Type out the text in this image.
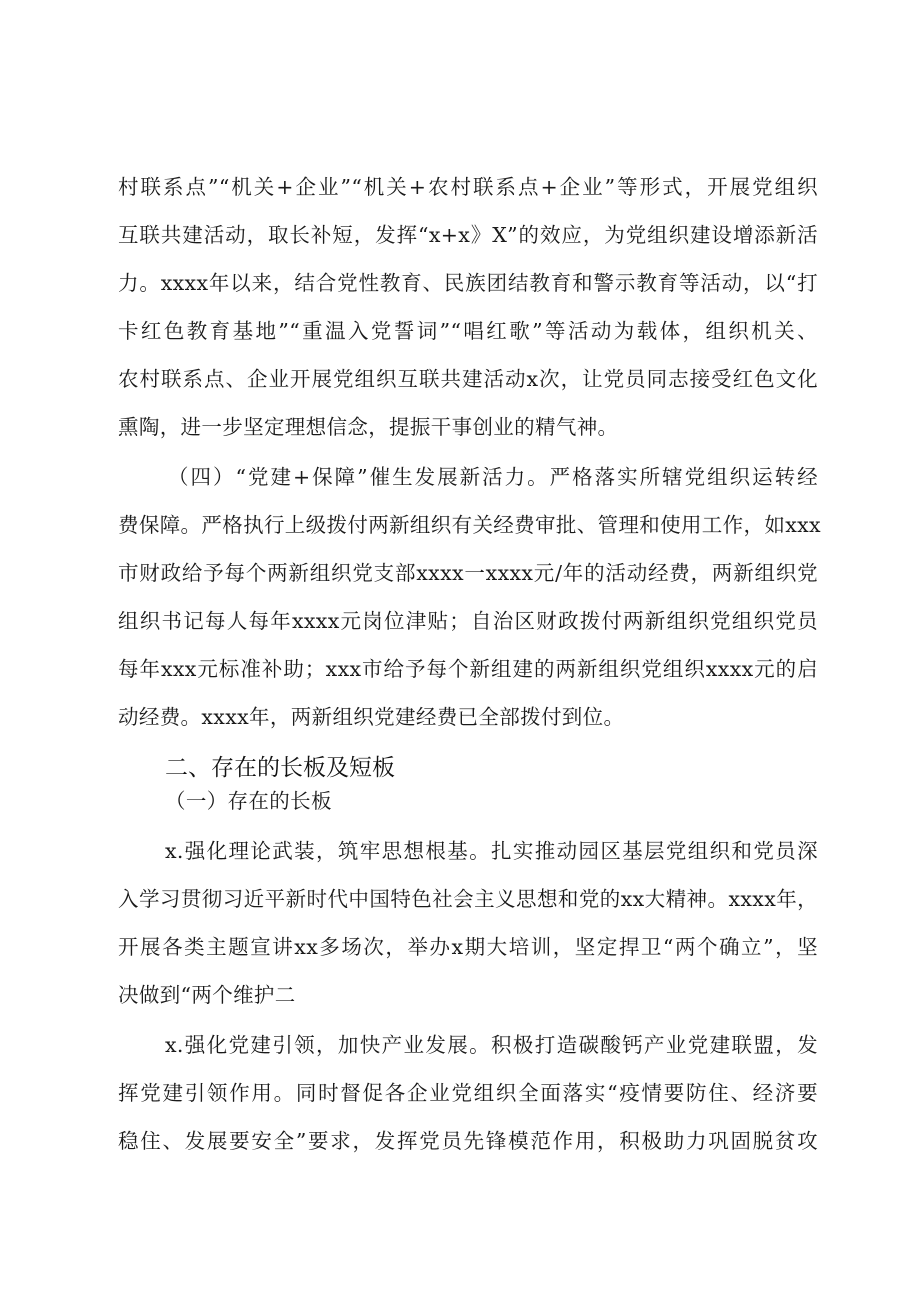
村联系点”“机关+企业”“机关+农村联系点+企业”等形式，开展党组织
互联共建活动，取长补短，发挥“x+x》X”的效应，为党组织建设增添新活
力。xxxx年以来，结合党性教育、民族团结教育和警示教育等活动，以“打
卡红色教育基地”“重温入党誓词”“唱红歌”等活动为载体，组织机关、
农村联系点、企业开展党组织互联共建活动x次，让党员同志接受红色文化
熏陶，进一步坚定理想信念，提振干事创业的精气神。
（四）“党建+保障”催生发展新活力。严格落实所辖党组织运转经
费保障。严格执行上级拨付两新组织有关经费审批、管理和使用工作，如xxx
市财政给予每个两新组织党支部xxxx一xxxx元/年的活动经费，两新组织党
组织书记每人每年xxxx元岗位津贴；自治区财政拨付两新组织党组织党员
每年xxx元标准补助；xxx市给予每个新组建的两新组织党组织xxxx元的启
动经费。xxxx年，两新组织党建经费已全部拨付到位。
二、存在的长板及短板
（一）存在的长板
x.强化理论武装，筑牢思想根基。扎实推动园区基层党组织和党员深
入学习贯彻习近平新时代中国特色社会主义思想和党的xx大精神。xxxx年，
开展各类主题宣讲xx多场次，举办x期大培训，坚定捍卫“两个确立”，坚
决做到“两个维护二
x.强化党建引领，加快产业发展。积极打造碳酸钙产业党建联盟，发
挥党建引领作用。同时督促各企业党组织全面落实“疫情要防住、经济要
稳住、发展要安全”要求，发挥党员先锋模范作用，积极助力巩固脱贫攻
